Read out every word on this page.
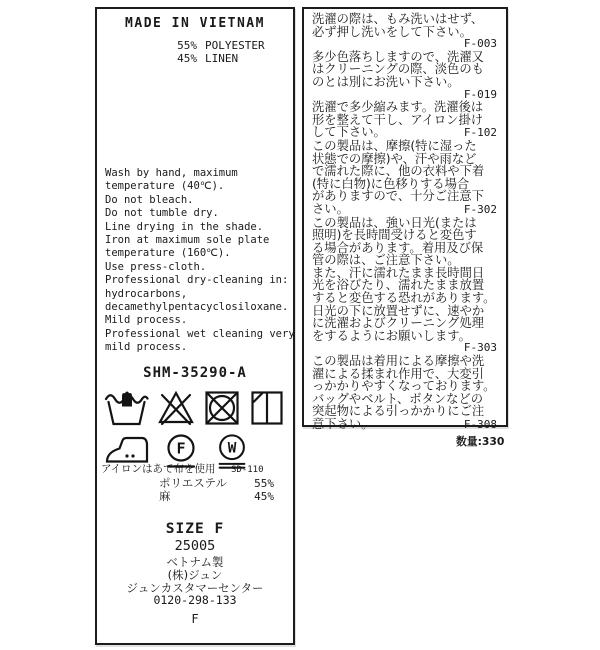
MADE IN VIETNAM
55% POLYESTER
45% LINEN
Wash by hand, maximum
temperature (40℃).
Do not bleach.
Do not tumble dry.
Line drying in the shade.
Iron at maximum sole plate
temperature (160℃).
Use press-cloth.
Professional dry-cleaning in:
hydrocarbons,
decamethylpentacyclosiloxane.
Mild process.
Professional wet cleaning very
mild process.
SHM-35290-A
F	W
アイロンはあて布を使用 SD-110
ポリエステル 55%
麻	45%
SIZE F
25005
ベトナム製
(株)ジュン
ジュンカスタマーセンター
0120-298-133
F
洗濯の際は、もみ洗いはせず、
必ず押し洗いをして下さい。
F-003
多少色落ちしますので、洗濯又
はクリーニングの際、淡色のも
のとは別にお洗い下さい。
F-019
洗濯で多少縮みます。洗濯後は
形を整えて干し、アイロン掛け
して下さい。	F-102
この製品は、摩擦(特に湿った
状態での摩擦)や、汗や雨など
で濡れた際に、他の衣料や下着
(特に白物)に色移りする場合
がありますので、十分ご注意下
さい。	F-302
この製品は、強い日光(または
照明)を長時間受けると変色す
る場合があります。着用及び保
管の際は、ご注意下さい。
また、汗に濡れたまま長時間日
光を浴びたり、濡れたまま放置
すると変色する恐れがあります。
日光の下に放置せずに、速やか
に洗濯およびクリーニング処理
をするようにお願いします。
F-303
この製品は着用による摩擦や洗
濯による揉まれ作用で、大変引
っかかりやすくなっております。
バッグやベルト、ボタンなどの
突起物による引っかかりにご注
意下さい。	F-308
数量:330
